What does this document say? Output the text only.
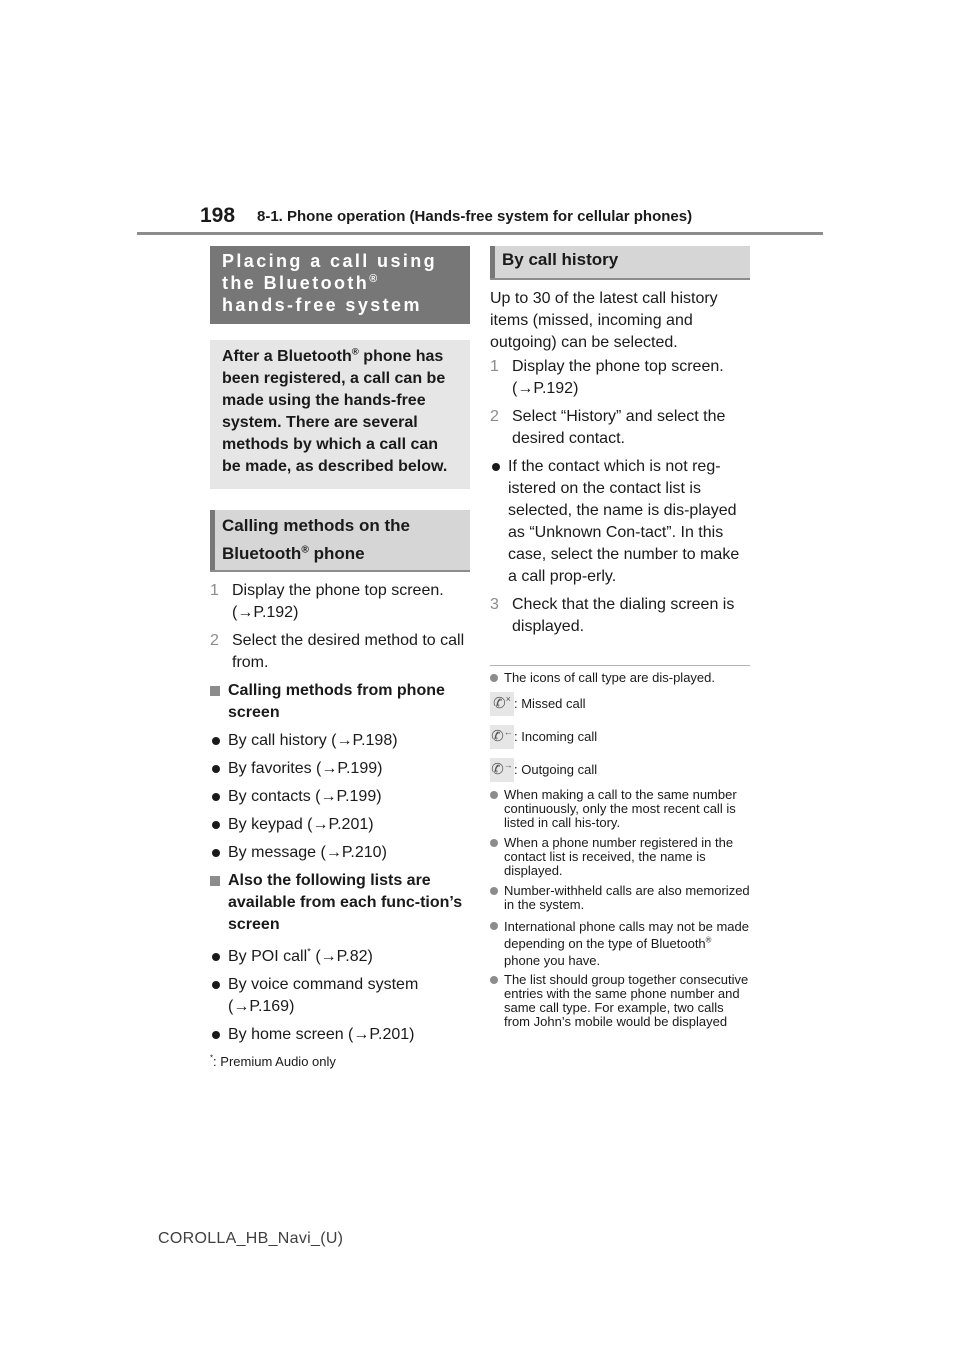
198 8-1. Phone operation (Hands-free system for cellular phones)
Placing a call using
the Bluetooth®
hands-free system
After a Bluetooth® phone has been registered, a call can be made using the hands-free system. There are several methods by which a call can be made, as described below.
Calling methods on the
Bluetooth® phone
1 Display the phone top screen. (→P.192)
2 Select the desired method to call from.
Calling methods from phone screen
By call history (→P.198)
By favorites (→P.199)
By contacts (→P.199)
By keypad (→P.201)
By message (→P.210)
Also the following lists are available from each func-tion’s screen
By POI call* (→P.82)
By voice command system (→P.169)
By home screen (→P.201)
*: Premium Audio only
By call history
Up to 30 of the latest call history items (missed, incoming and outgoing) can be selected.
1 Display the phone top screen. (→P.192)
2 Select “History” and select the desired contact.
If the contact which is not reg-istered on the contact list is selected, the name is dis-played as “Unknown Con-tact”. In this case, select the number to make a call prop-erly.
3 Check that the dialing screen is displayed.
The icons of call type are dis-played.
✆× : Missed call
✆← : Incoming call
✆→ : Outgoing call
When making a call to the same number continuously, only the most recent call is listed in call his-tory.
When a phone number registered in the contact list is received, the name is displayed.
Number-withheld calls are also memorized in the system.
International phone calls may not be made depending on the type of Bluetooth® phone you have.
The list should group together consecutive entries with the same phone number and same call type. For example, two calls from John’s mobile would be displayed
COROLLA_HB_Navi_(U)
